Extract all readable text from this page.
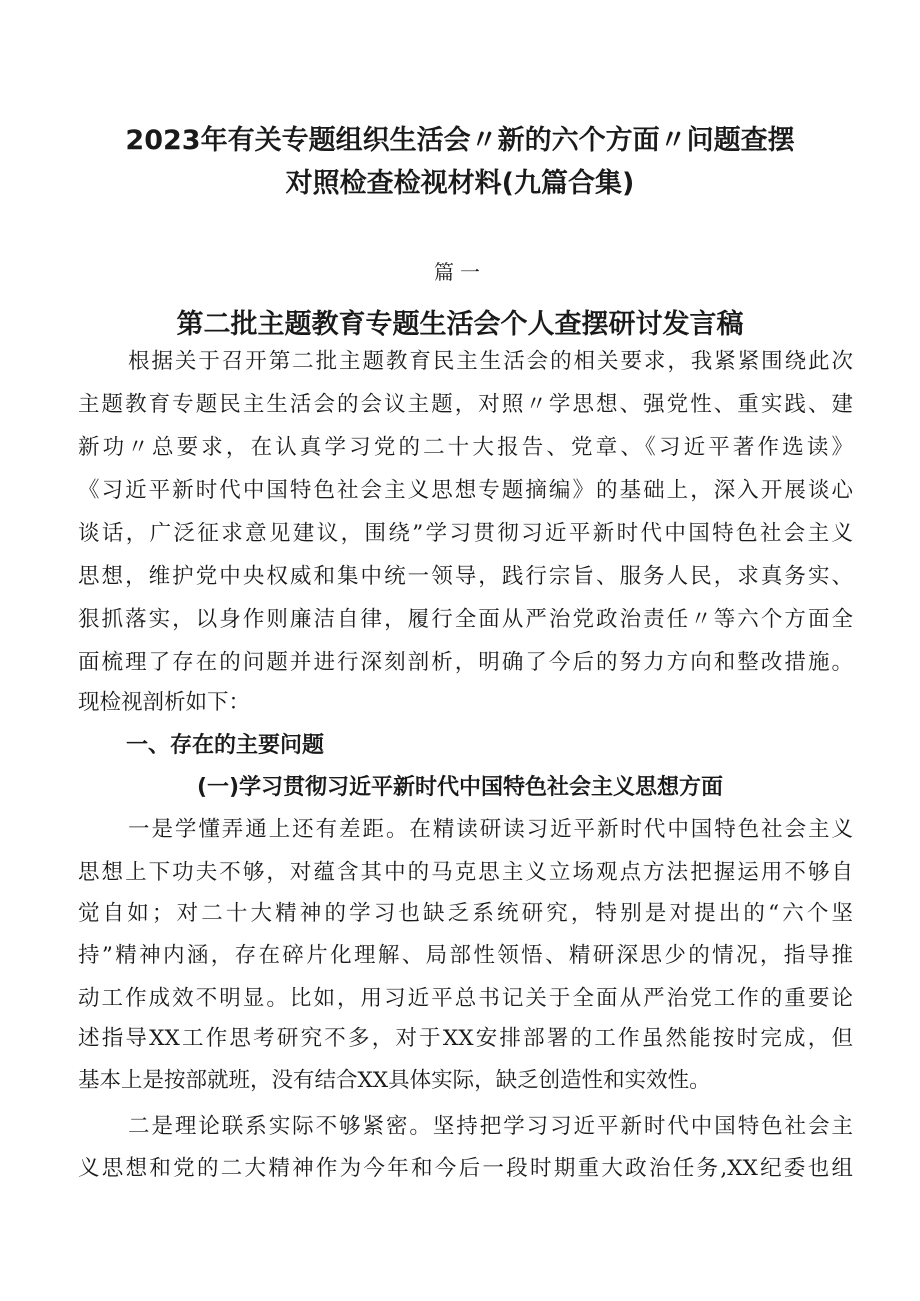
2023年有关专题组织生活会〃新的六个方面〃问题查摆
对照检查检视材料(九篇合集)
篇一
第二批主题教育专题生活会个人查摆研讨发言稿
根据关于召开第二批主题教育民主生活会的相关要求，我紧紧围绕此次
主题教育专题民主生活会的会议主题，对照〃学思想、强党性、重实践、建
新功〃总要求，在认真学习党的二十大报告、党章、《习近平著作选读》
《习近平新时代中国特色社会主义思想专题摘编》的基础上，深入开展谈心
谈话，广泛征求意见建议，围绕”学习贯彻习近平新时代中国特色社会主义
思想，维护党中央权威和集中统一领导，践行宗旨、服务人民，求真务实、
狠抓落实，以身作则廉洁自律，履行全面从严治党政治责任〃等六个方面全
面梳理了存在的问题并进行深刻剖析，明确了今后的努力方向和整改措施。
现检视剖析如下：
一、存在的主要问题
(一)学习贯彻习近平新时代中国特色社会主义思想方面
一是学懂弄通上还有差距。在精读研读习近平新时代中国特色社会主义
思想上下功夫不够，对蕴含其中的马克思主义立场观点方法把握运用不够自
觉自如；对二十大精神的学习也缺乏系统研究，特别是对提出的“六个坚
持”精神内涵，存在碎片化理解、局部性领悟、精研深思少的情况，指导推
动工作成效不明显。比如，用习近平总书记关于全面从严治党工作的重要论
述指导XX工作思考研究不多，对于XX安排部署的工作虽然能按时完成，但
基本上是按部就班，没有结合XX具体实际，缺乏创造性和实效性。
二是理论联系实际不够紧密。坚持把学习习近平新时代中国特色社会主
义思想和党的二大精神作为今年和今后一段时期重大政治任务,XX纪委也组
